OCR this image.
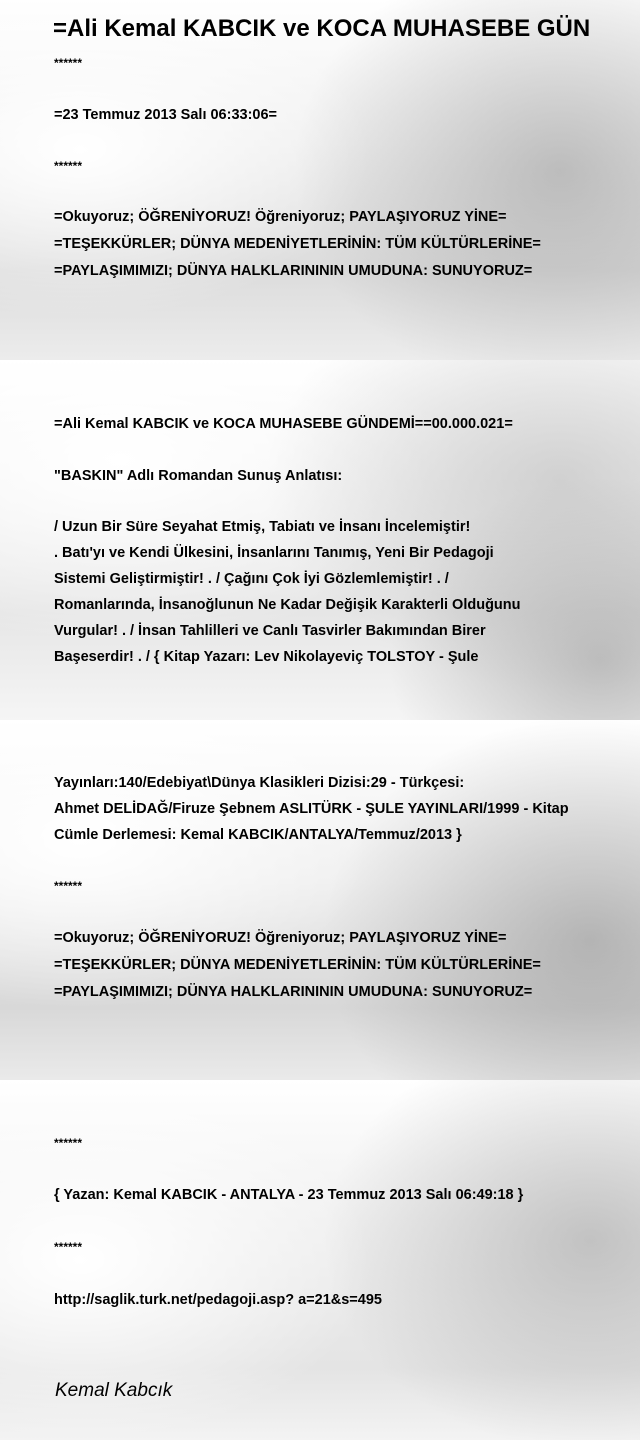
=Ali Kemal KABCIK ve KOCA MUHASEBE GÜN
******
=23 Temmuz 2013 Salı 06:33:06=
******
=Okuyoruz; ÖĞRENİYORUZ! Öğreniyoruz; PAYLAŞIYORUZ YİNE=
=TEŞEKKÜRLER; DÜNYA MEDENİYETLERİNİN: TÜM KÜLTÜRLERİNE=
=PAYLAŞIMIMIZI; DÜNYA HALKLARINININ UMUDUNA: SUNUYORUZ=
=Ali Kemal KABCIK ve KOCA MUHASEBE GÜNDEMİ==00.000.021=
"BASKIN" Adlı Romandan Sunuş Anlatısı:
/ Uzun Bir Süre Seyahat Etmiş, Tabiatı ve İnsanı İncelemiştir!
. Batı'yı ve Kendi Ülkesini, İnsanlarını Tanımış, Yeni Bir Pedagoji
Sistemi Geliştirmiştir! . / Çağını Çok İyi Gözlemlemiştir! . /
Romanlarında, İnsanoğlunun Ne Kadar Değişik Karakterli Olduğunu
Vurgular! . / İnsan Tahlilleri ve Canlı Tasvirler Bakımından Birer
Başeserdir! . / { Kitap Yazarı: Lev Nikolayeviç TOLSTOY - Şule
Yayınları:140/Edebiyat\Dünya Klasikleri Dizisi:29 - Türkçesi:
Ahmet DELİDAĞ/Firuze Şebnem ASLITÜRK - ŞULE YAYINLARI/1999 - Kitap
Cümle Derlemesi: Kemal KABCIK/ANTALYA/Temmuz/2013 }
******
=Okuyoruz; ÖĞRENİYORUZ! Öğreniyoruz; PAYLAŞIYORUZ YİNE=
=TEŞEKKÜRLER; DÜNYA MEDENİYETLERİNİN: TÜM KÜLTÜRLERİNE=
=PAYLAŞIMIMIZI; DÜNYA HALKLARINININ UMUDUNA: SUNUYORUZ=
******
{ Yazan: Kemal KABCIK - ANTALYA - 23 Temmuz 2013 Salı 06:49:18 }
******
http://saglik.turk.net/pedagoji.asp? a=21&s=495
Kemal Kabcık
